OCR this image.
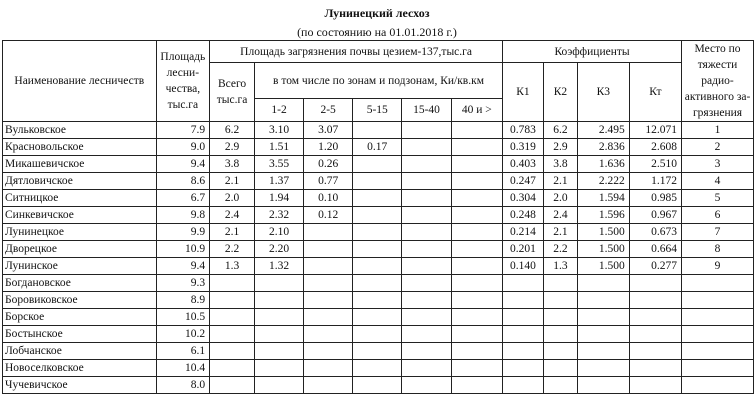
Лунинецкий лесхоз
(по состоянию на 01.01.2018 г.)
Наименование лесничеств	Площадь лесни-чества, тыс.га	Площадь загрязнения почвы цезием-137,тыс.га						Коэффициенты				Место по тяжести радио-активного за-грязнения
		Всего тыс.га	в том числе по зонам и подзонам, Ки/кв.км					К1	К2	К3	Кт	
			1-2	2-5	5-15	15-40	40 и >					
Вульковское	7.9	6.2	3.10	3.07				0.783	6.2	2.495	12.071	1
Красновольское	9.0	2.9	1.51	1.20	0.17			0.319	2.9	2.836	2.608	2
Микашевичское	9.4	3.8	3.55	0.26				0.403	3.8	1.636	2.510	3
Дятловичское	8.6	2.1	1.37	0.77				0.247	2.1	2.222	1.172	4
Ситницкое	6.7	2.0	1.94	0.10				0.304	2.0	1.594	0.985	5
Синкевичское	9.8	2.4	2.32	0.12				0.248	2.4	1.596	0.967	6
Лунинецкое	9.9	2.1	2.10					0.214	2.1	1.500	0.673	7
Дворецкое	10.9	2.2	2.20					0.201	2.2	1.500	0.664	8
Лунинское	9.4	1.3	1.32					0.140	1.3	1.500	0.277	9
Богдановское	9.3											
Боровиковское	8.9											
Борское	10.5											
Бостынское	10.2											
Лобчанское	6.1											
Новоселковское	10.4											
Чучевичское	8.0											
